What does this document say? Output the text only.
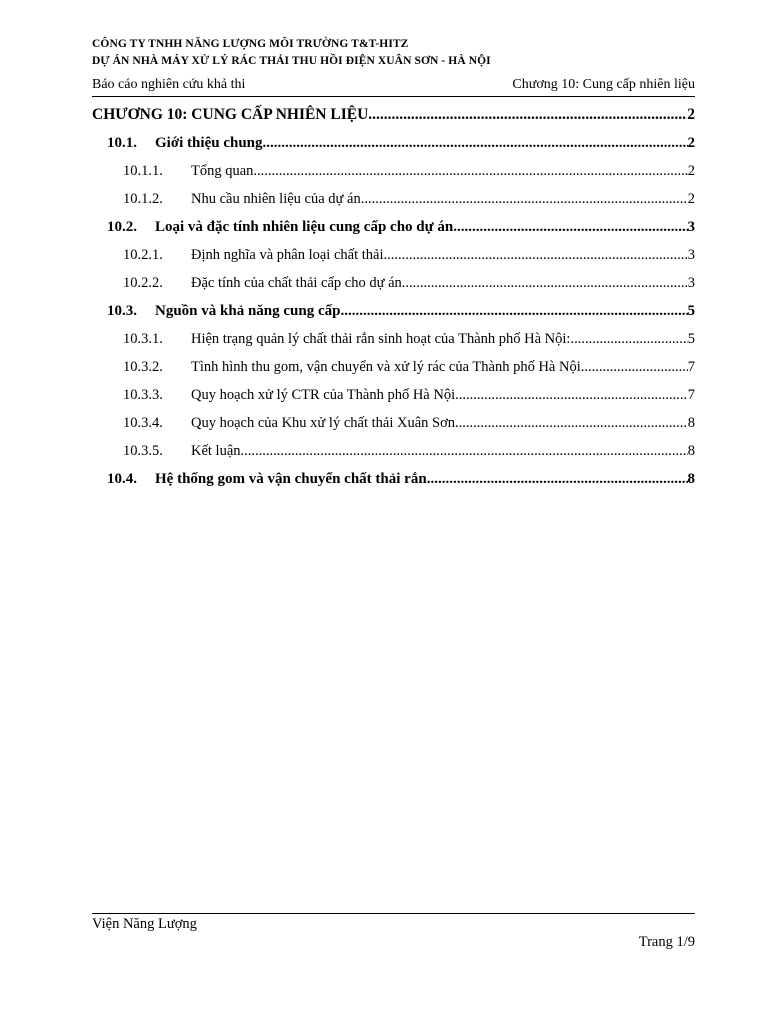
CÔNG TY TNHH NĂNG LƯỢNG MÔI TRƯỜNG T&T-HITZ
DỰ ÁN NHÀ MÁY XỬ LÝ RÁC THẢI THU HỒI ĐIỆN XUÂN SƠN - HÀ NỘI
Báo cáo nghiên cứu khả thi	Chương 10: Cung cấp nhiên liệu
CHƯƠNG 10: CUNG CẤP NHIÊN LIỆU .....	2
10.1.	Giới thiệu chung .....	2
10.1.1.	Tổng quan .....	2
10.1.2.	Nhu cầu nhiên liệu của dự án .....	2
10.2.	Loại và đặc tính nhiên liệu cung cấp cho dự án .....	3
10.2.1.	Định nghĩa và phân loại chất thải .....	3
10.2.2.	Đặc tính của chất thải cấp cho dự án .....	3
10.3.	Nguồn và khả năng cung cấp .....	5
10.3.1.	Hiện trạng quản lý chất thải rắn sinh hoạt của Thành phố Hà Nội: .....	5
10.3.2.	Tình hình thu gom, vận chuyển và xử lý rác của Thành phố Hà Nội .....	7
10.3.3.	Quy hoạch xử lý CTR của Thành phố Hà Nội .....	7
10.3.4.	Quy hoạch của Khu xử lý chất thải Xuân Sơn .....	8
10.3.5.	Kết luận .....	8
10.4.	Hệ thống gom và vận chuyển chất thải rắn .....	8
Viện Năng Lượng
Trang 1/9
